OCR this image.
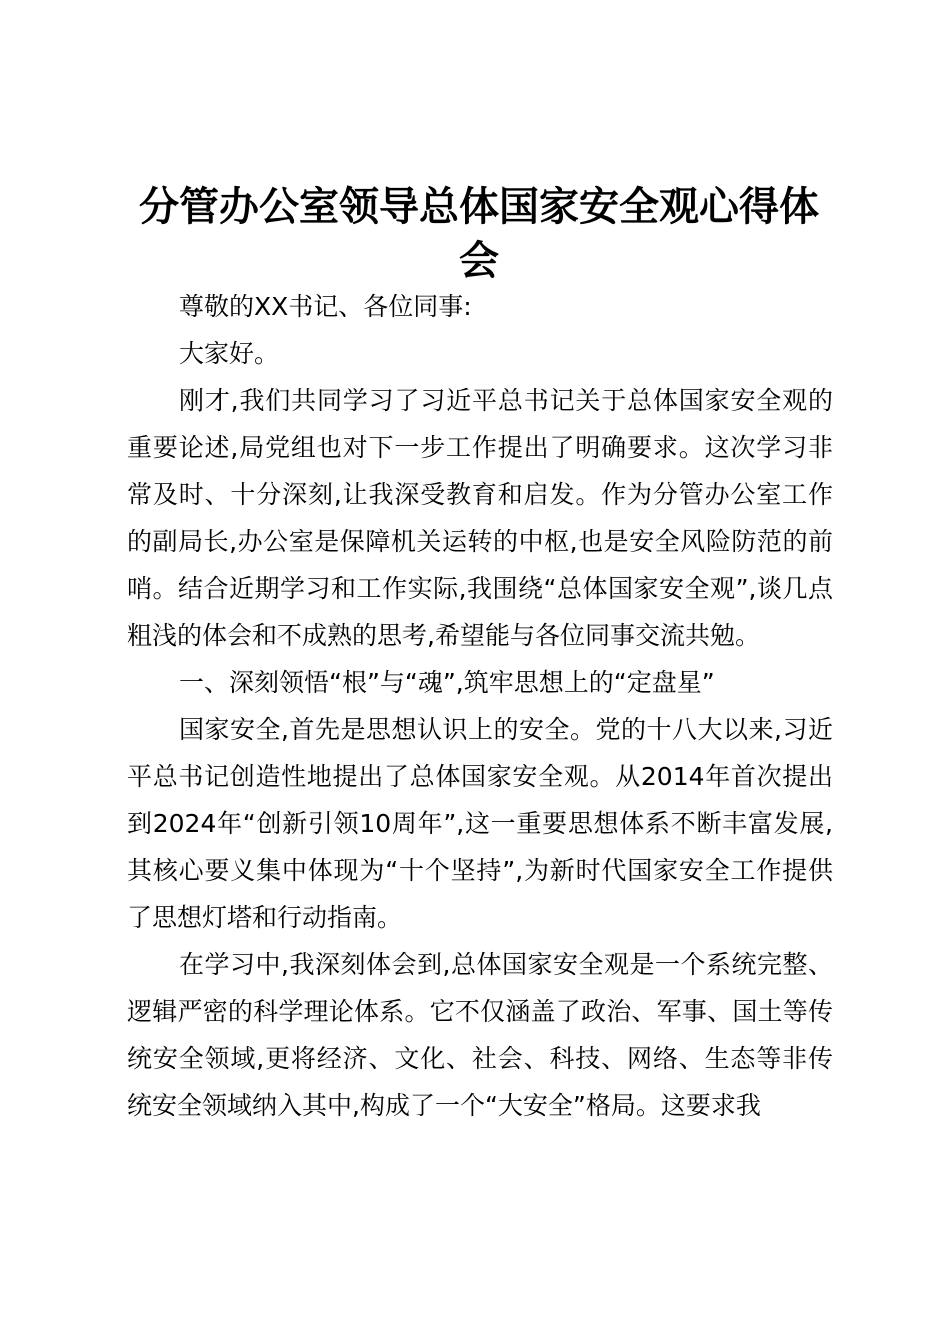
分管办公室领导总体国家安全观心得体会

尊敬的XX书记、各位同事:

大家好。

刚才,我们共同学习了习近平总书记关于总体国家安全观的重要论述,局党组也对下一步工作提出了明确要求。这次学习非常及时、十分深刻,让我深受教育和启发。作为分管办公室工作的副局长,办公室是保障机关运转的中枢,也是安全风险防范的前哨。结合近期学习和工作实际,我围绕“总体国家安全观”,谈几点粗浅的体会和不成熟的思考,希望能与各位同事交流共勉。

一、深刻领悟“根”与“魂”,筑牢思想上的“定盘星”

国家安全,首先是思想认识上的安全。党的十八大以来,习近平总书记创造性地提出了总体国家安全观。从2014年首次提出到2024年“创新引领10周年”,这一重要思想体系不断丰富发展,其核心要义集中体现为“十个坚持”,为新时代国家安全工作提供了思想灯塔和行动指南。

在学习中,我深刻体会到,总体国家安全观是一个系统完整、逻辑严密的科学理论体系。它不仅涵盖了政治、军事、国土等传统安全领域,更将经济、文化、社会、科技、网络、生态等非传统安全领域纳入其中,构成了一个“大安全”格局。这要求我
